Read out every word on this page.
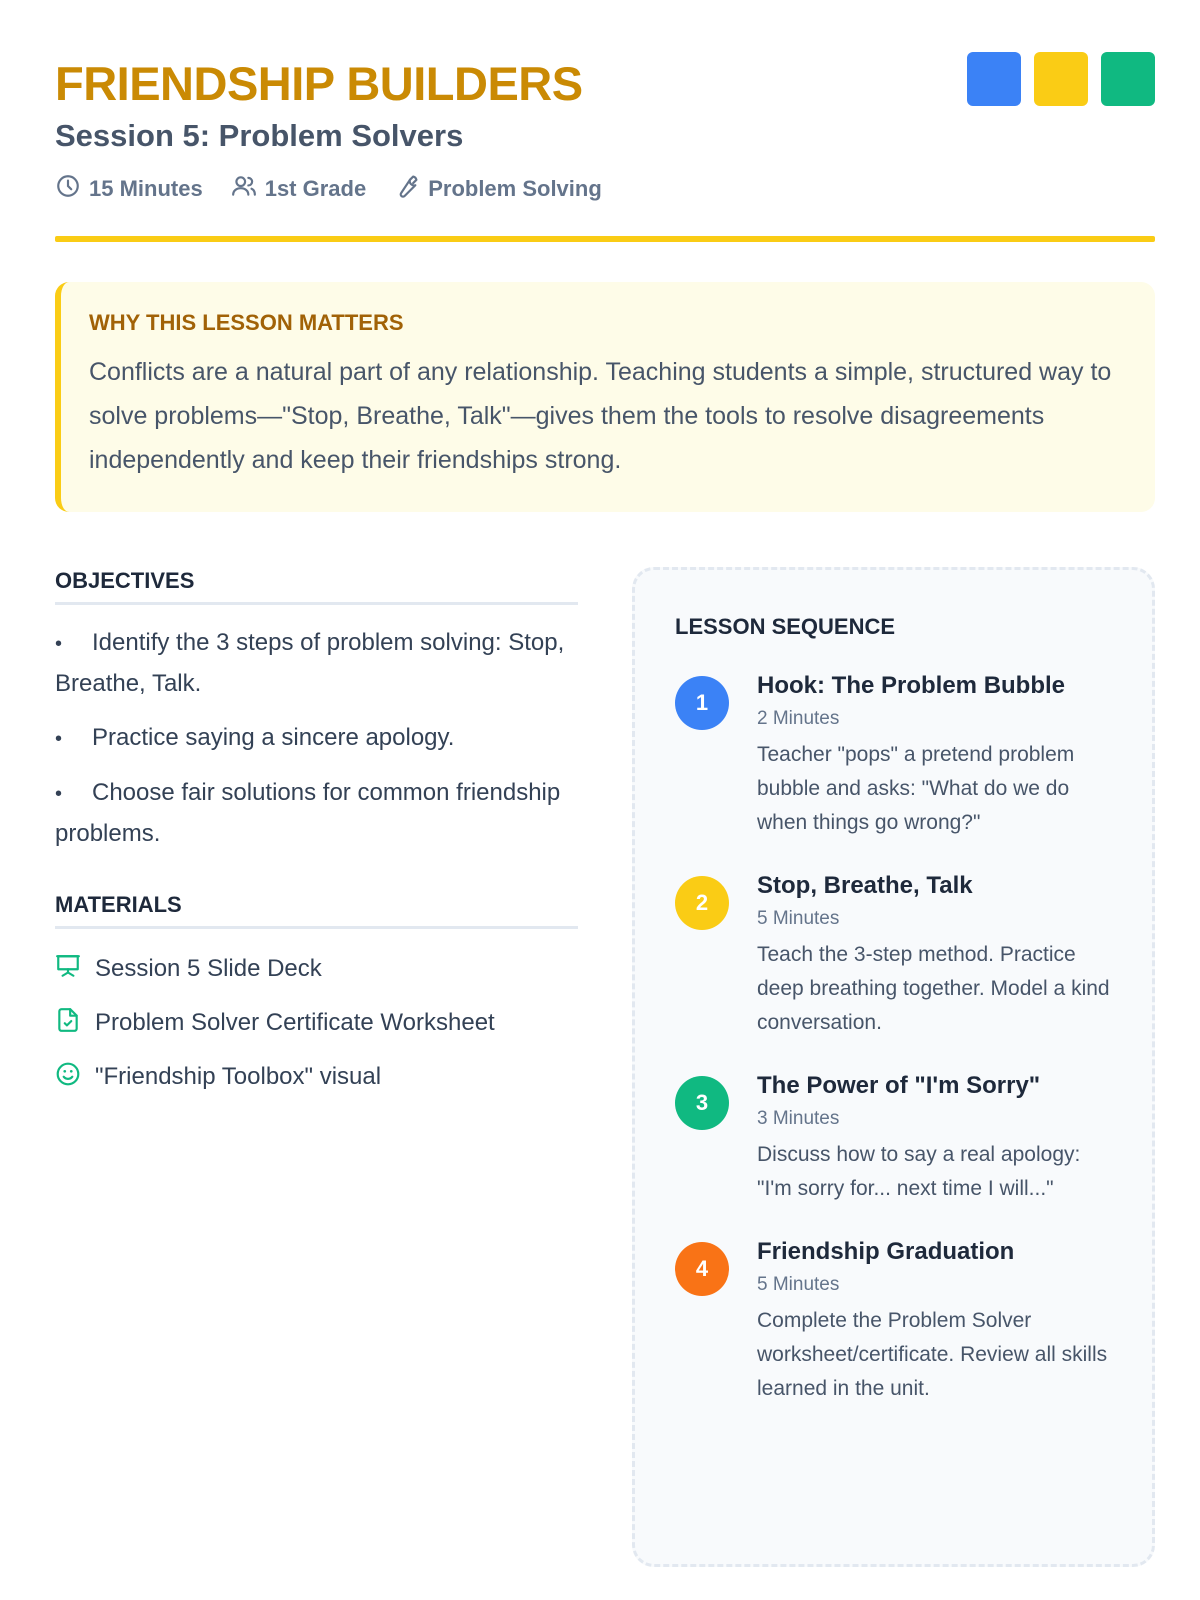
FRIENDSHIP BUILDERS
Session 5: Problem Solvers
15 Minutes	1st Grade	Problem Solving
WHY THIS LESSON MATTERS
Conflicts are a natural part of any relationship. Teaching students a simple, structured way to solve problems—"Stop, Breathe, Talk"—gives them the tools to resolve disagreements independently and keep their friendships strong.
OBJECTIVES
• Identify the 3 steps of problem solving: Stop, Breathe, Talk.
• Practice saying a sincere apology.
• Choose fair solutions for common friendship problems.
MATERIALS
Session 5 Slide Deck
Problem Solver Certificate Worksheet
"Friendship Toolbox" visual
LESSON SEQUENCE
1
Hook: The Problem Bubble
2 Minutes
Teacher "pops" a pretend problem bubble and asks: "What do we do when things go wrong?"
2
Stop, Breathe, Talk
5 Minutes
Teach the 3-step method. Practice deep breathing together. Model a kind conversation.
3
The Power of "I'm Sorry"
3 Minutes
Discuss how to say a real apology: "I'm sorry for... next time I will..."
4
Friendship Graduation
5 Minutes
Complete the Problem Solver worksheet/certificate. Review all skills learned in the unit.
